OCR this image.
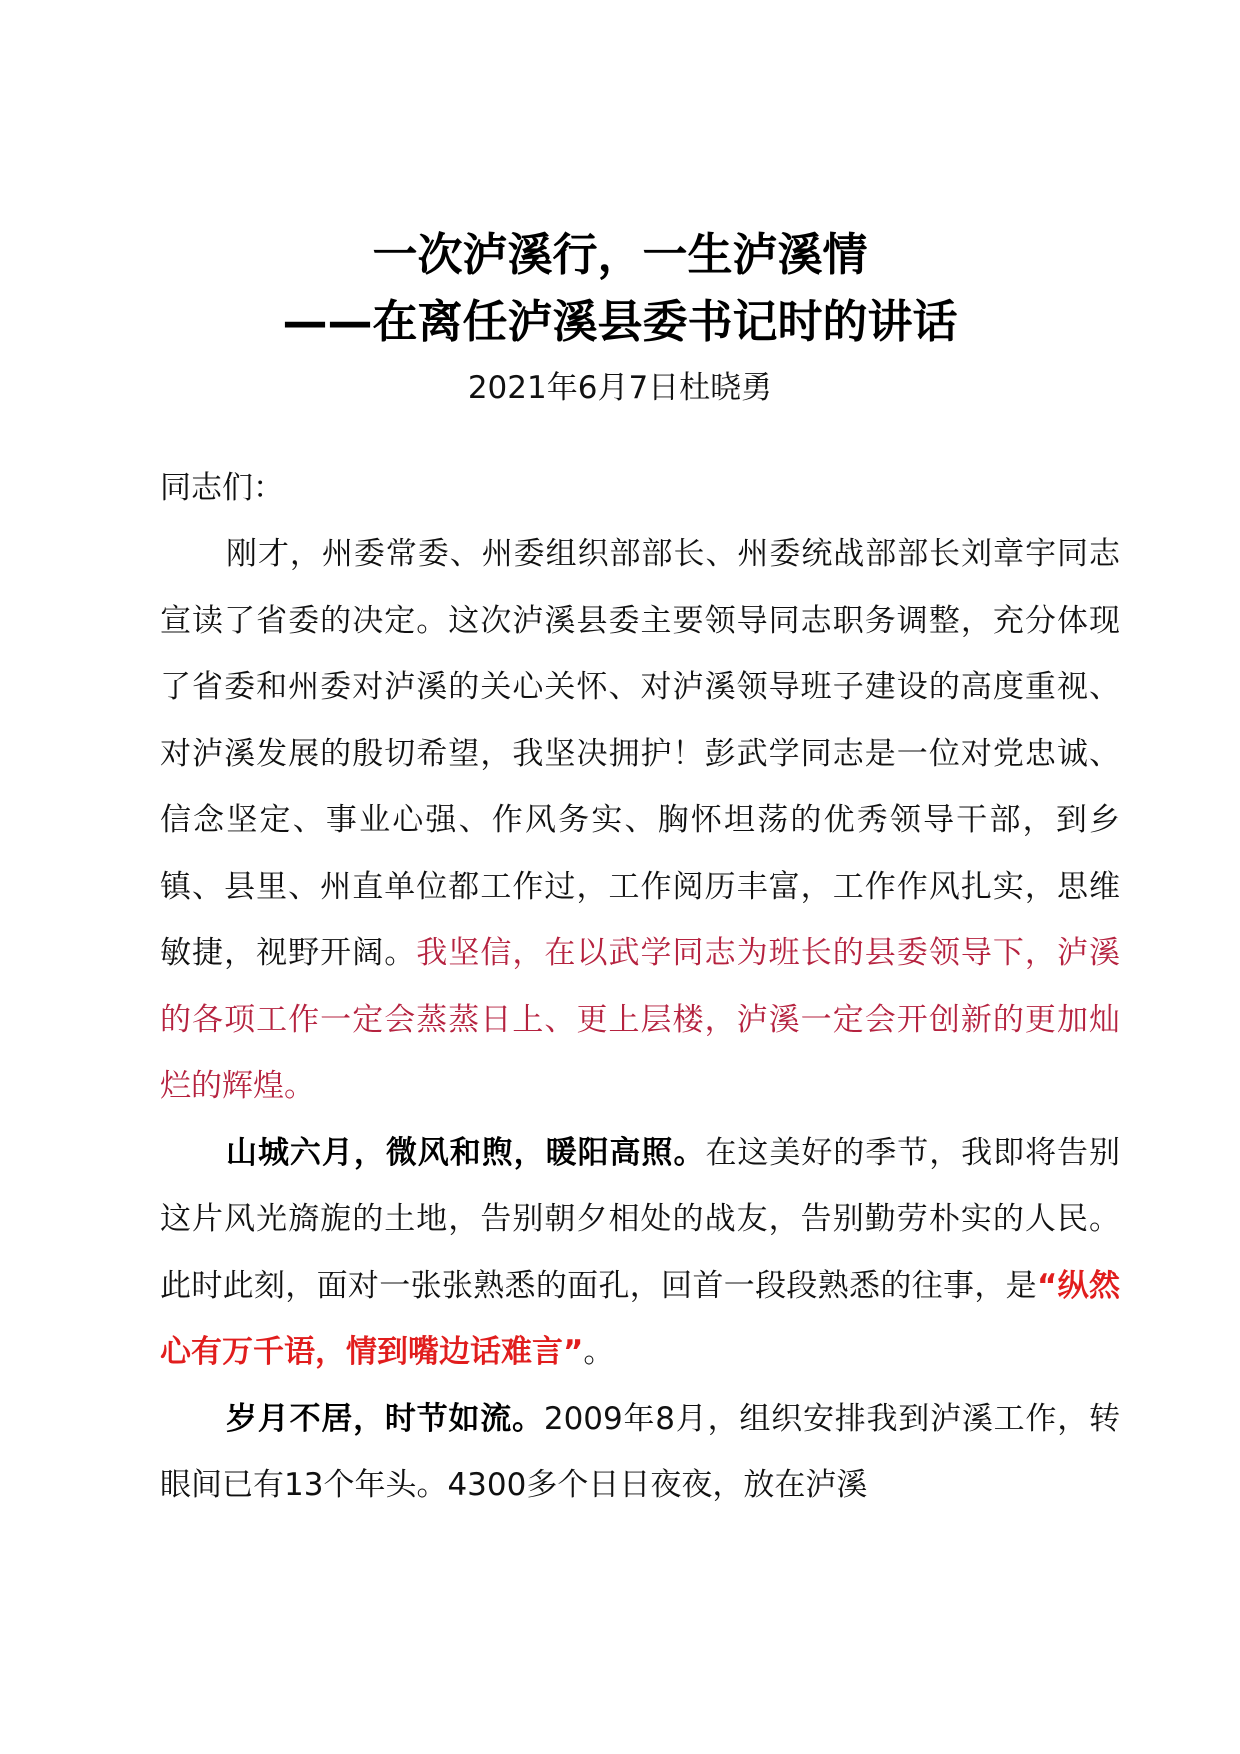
一次泸溪行，一生泸溪情
——在离任泸溪县委书记时的讲话
2021年6月7日杜晓勇
同志们：

刚才，州委常委、州委组织部部长、州委统战部部长刘章宇同志宣读了省委的决定。这次泸溪县委主要领导同志职务调整，充分体现了省委和州委对泸溪的关心关怀、对泸溪领导班子建设的高度重视、对泸溪发展的殷切希望，我坚决拥护！彭武学同志是一位对党忠诚、信念坚定、事业心强、作风务实、胸怀坦荡的优秀领导干部，到乡镇、县里、州直单位都工作过，工作阅历丰富，工作作风扎实，思维敏捷，视野开阔。我坚信，在以武学同志为班长的县委领导下，泸溪的各项工作一定会蒸蒸日上、更上层楼，泸溪一定会开创新的更加灿烂的辉煌。

山城六月，微风和煦，暖阳高照。在这美好的季节，我即将告别这片风光旖旎的土地，告别朝夕相处的战友，告别勤劳朴实的人民。此时此刻，面对一张张熟悉的面孔，回首一段段熟悉的往事，是“纵然心有万千语，情到嘴边话难言”。

岁月不居，时节如流。2009年8月，组织安排我到泸溪工作，转眼间已有13个年头。4300多个日日夜夜，放在泸溪
